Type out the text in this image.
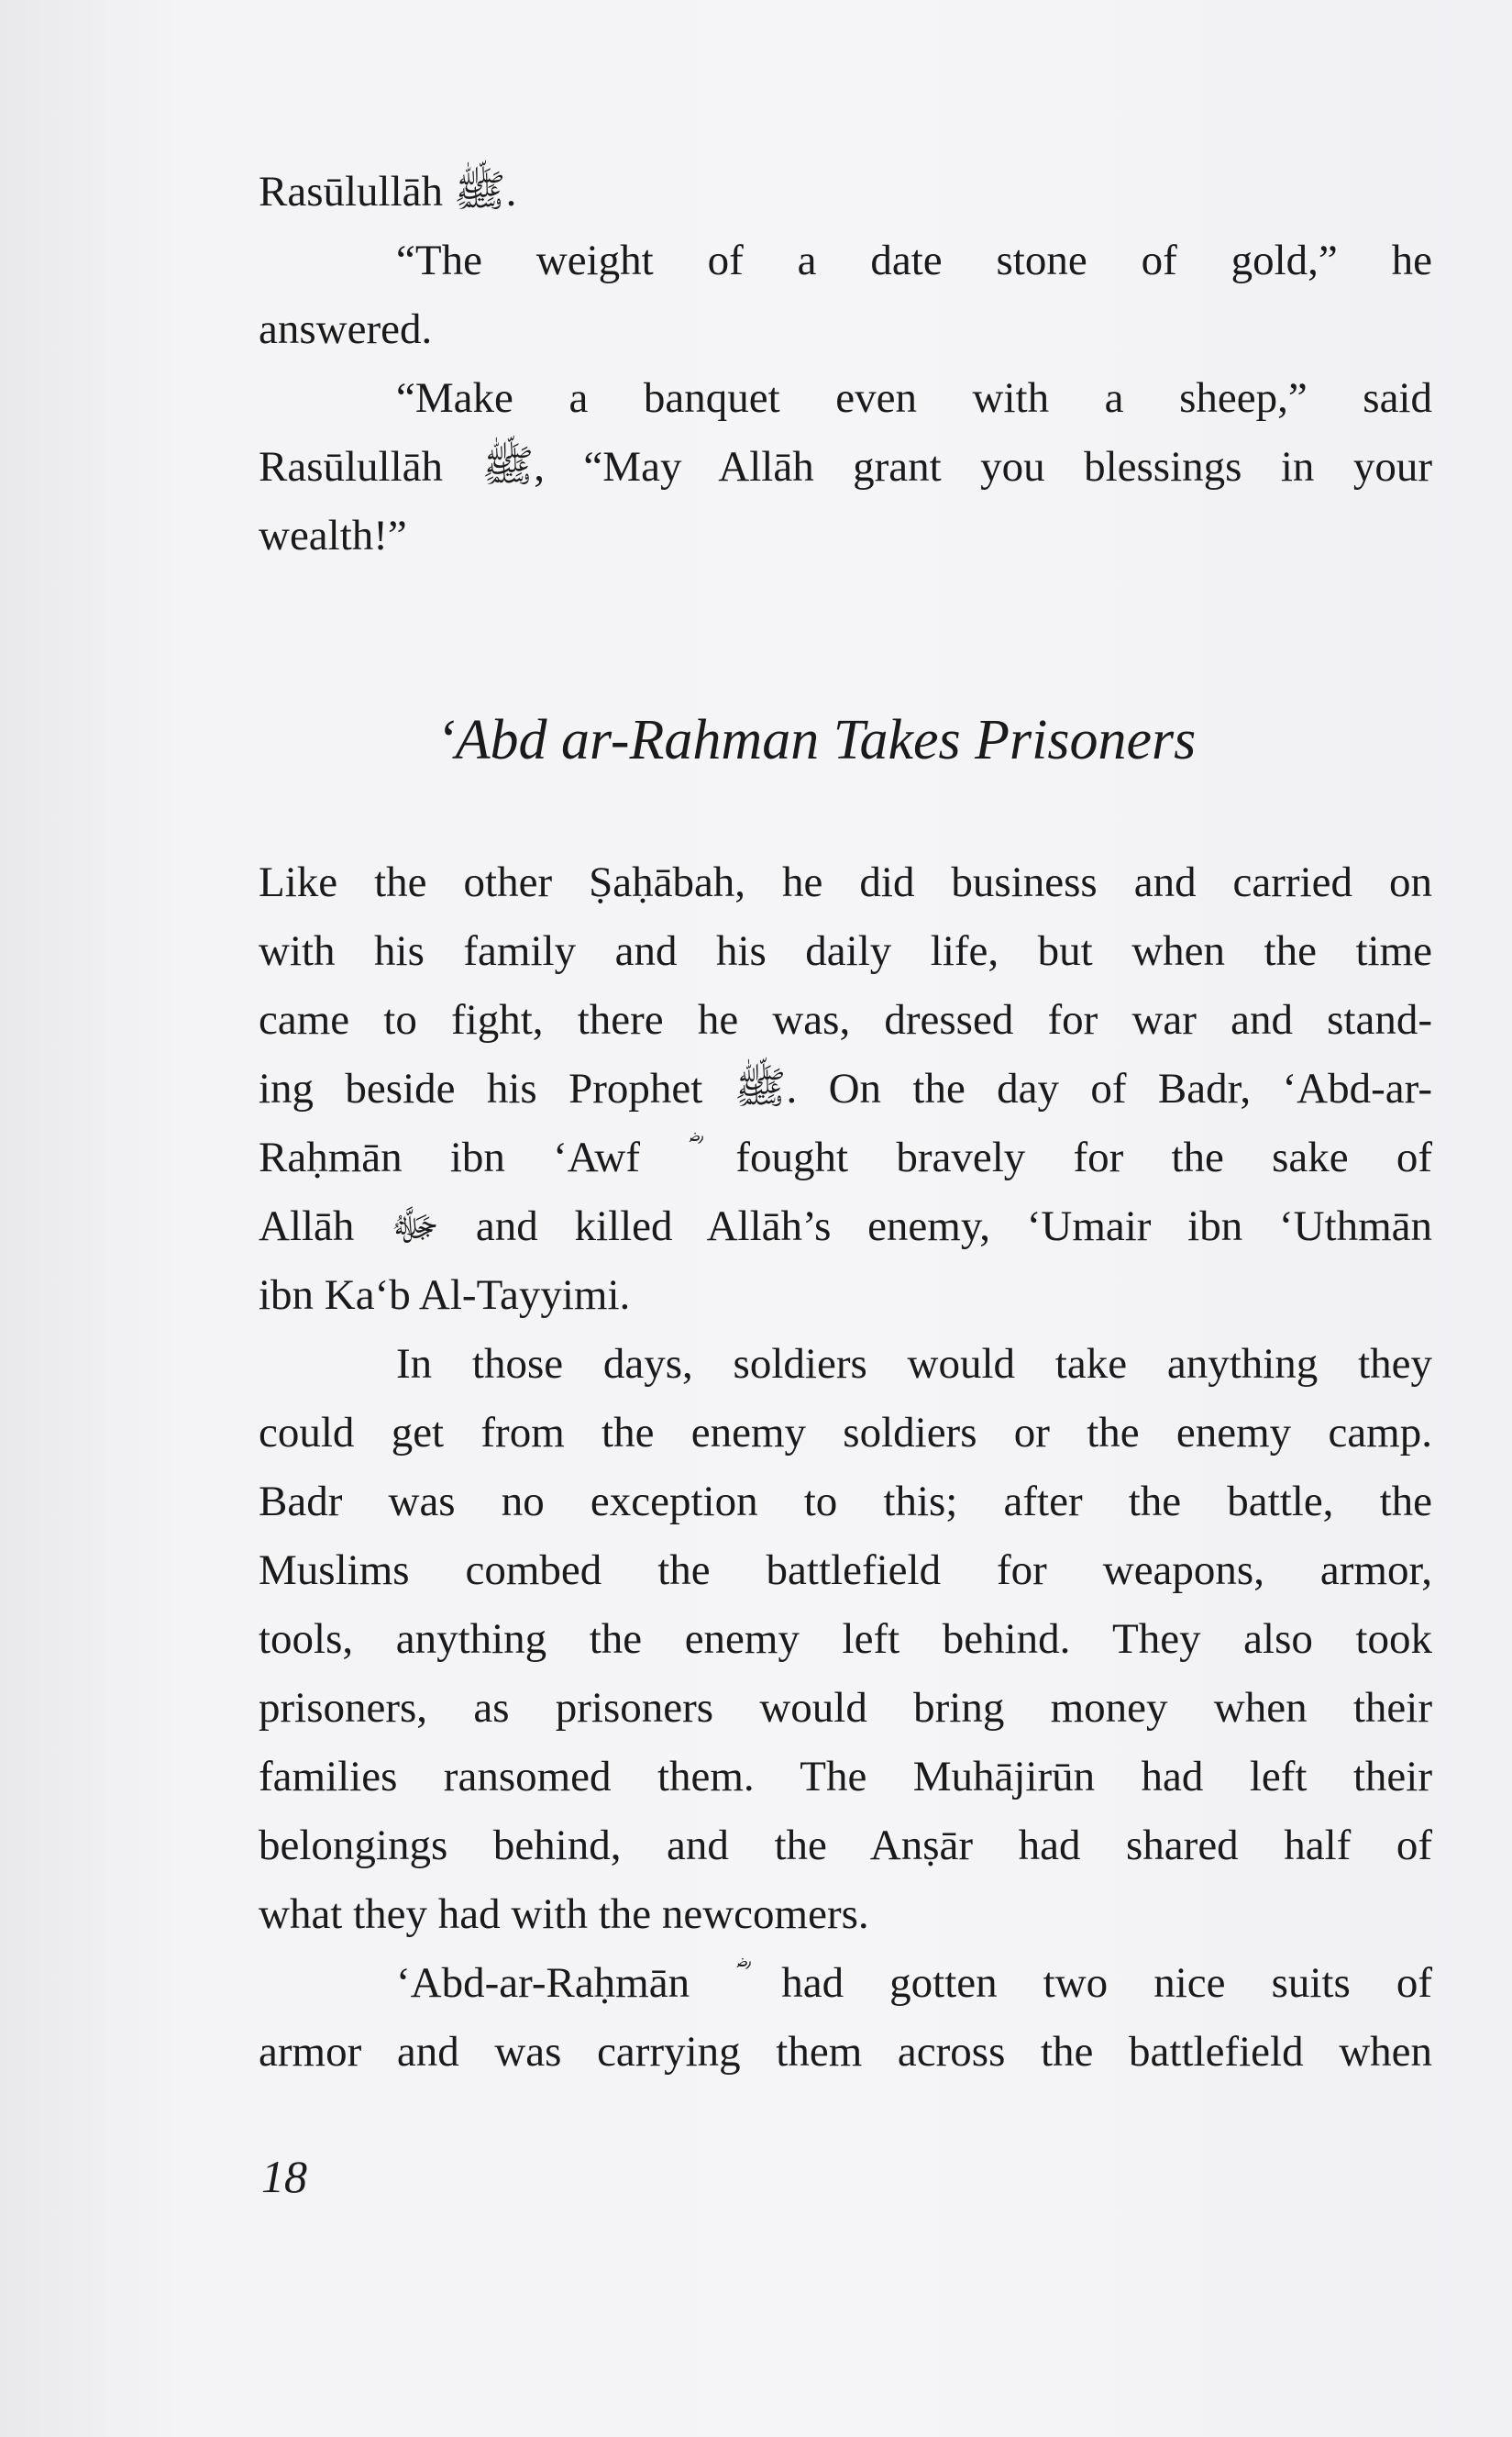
Rasūlullāh ﷺ.
“The weight of a date stone of gold,” he
answered.
“Make a banquet even with a sheep,” said
Rasūlullāh ﷺ, “May Allāh grant you blessings in your
wealth!”
‘Abd ar-Rahman Takes Prisoners
Like the other Ṣaḥābah, he did business and carried on
with his family and his daily life, but when the time
came to fight, there he was, dressed for war and stand-
ing beside his Prophet ﷺ. On the day of Badr, ‘Abd-ar-
Raḥmān ibn ‘Awf ؓ fought bravely for the sake of
Allāh ﷻ and killed Allāh’s enemy, ‘Umair ibn ‘Uthmān
ibn Ka‘b Al-Tayyimi.
In those days, soldiers would take anything they
could get from the enemy soldiers or the enemy camp.
Badr was no exception to this; after the battle, the
Muslims combed the battlefield for weapons, armor,
tools, anything the enemy left behind. They also took
prisoners, as prisoners would bring money when their
families ransomed them. The Muhājirūn had left their
belongings behind, and the Anṣār had shared half of
what they had with the newcomers.
‘Abd-ar-Raḥmān ؓ had gotten two nice suits of
armor and was carrying them across the battlefield when
18
